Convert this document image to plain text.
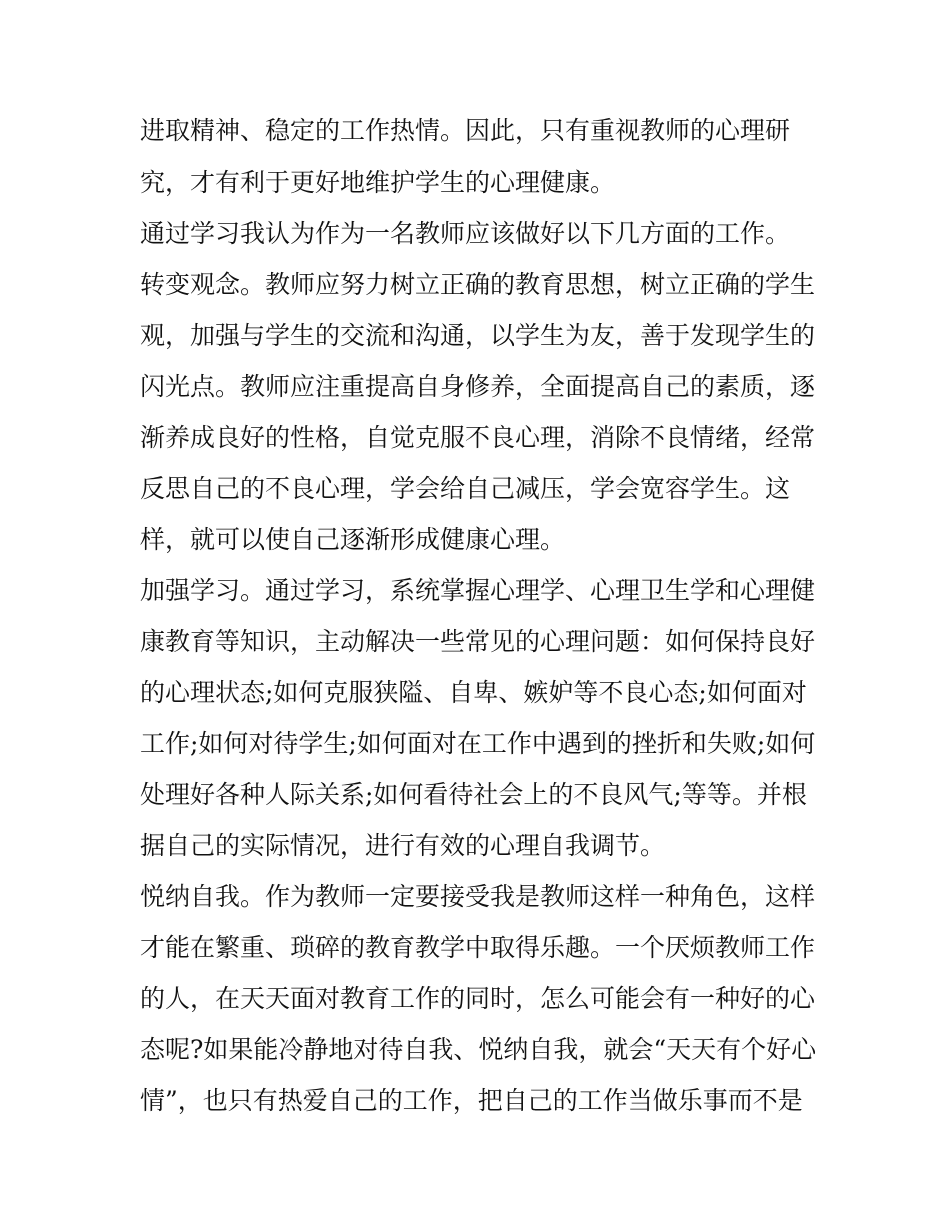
进取精神、稳定的工作热情。因此，只有重视教师的心理研
究，才有利于更好地维护学生的心理健康。
通过学习我认为作为一名教师应该做好以下几方面的工作。
转变观念。教师应努力树立正确的教育思想，树立正确的学生
观，加强与学生的交流和沟通，以学生为友，善于发现学生的
闪光点。教师应注重提高自身修养，全面提高自己的素质，逐
渐养成良好的性格，自觉克服不良心理，消除不良情绪，经常
反思自己的不良心理，学会给自己减压，学会宽容学生。这
样，就可以使自己逐渐形成健康心理。
加强学习。通过学习，系统掌握心理学、心理卫生学和心理健
康教育等知识，主动解决一些常见的心理问题：如何保持良好
的心理状态;如何克服狭隘、自卑、嫉妒等不良心态;如何面对
工作;如何对待学生;如何面对在工作中遇到的挫折和失败;如何
处理好各种人际关系;如何看待社会上的不良风气;等等。并根
据自己的实际情况，进行有效的心理自我调节。
悦纳自我。作为教师一定要接受我是教师这样一种角色，这样
才能在繁重、琐碎的教育教学中取得乐趣。一个厌烦教师工作
的人，在天天面对教育工作的同时，怎么可能会有一种好的心
态呢?如果能冷静地对待自我、悦纳自我，就会“天天有个好心
情”，也只有热爱自己的工作，把自己的工作当做乐事而不是
